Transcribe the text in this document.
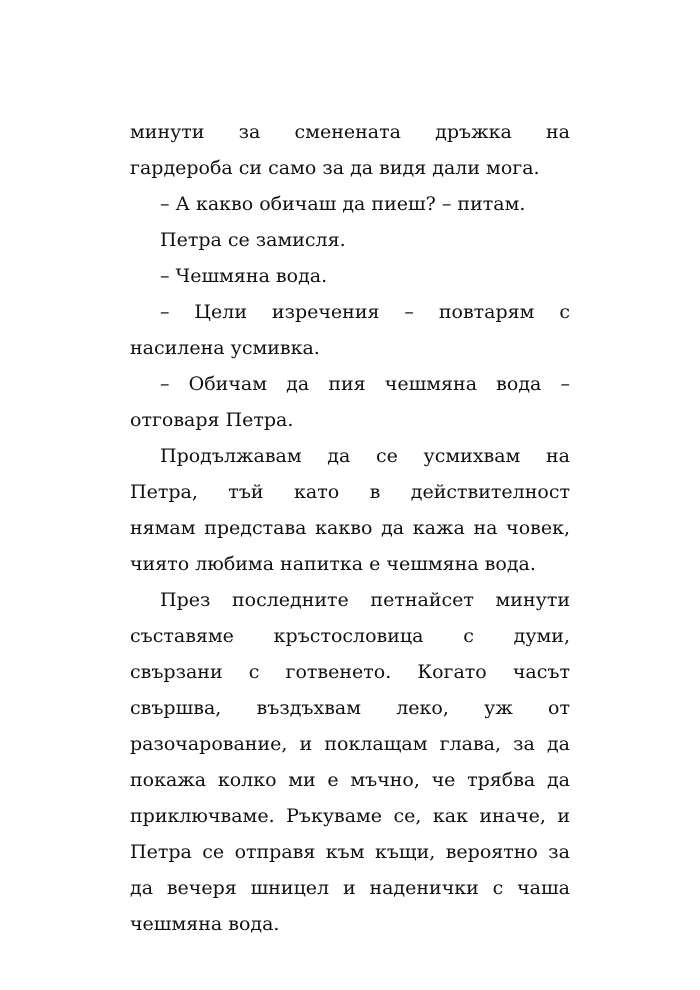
минути за сменената дръжка на
гардероба си само за да видя дали мога.
– А какво обичаш да пиеш? – питам.
Петра се замисля.
– Чешмяна вода.
– Цели изречения – повтарям с
насилена усмивка.
– Обичам да пия чешмяна вода –
отговаря Петра.
Продължавам да се усмихвам на
Петра, тъй като в действителност
нямам представа какво да кажа на човек,
чиято любима напитка е чешмяна вода.
През последните петнайсет минути
съставяме кръстословица с думи,
свързани с готвенето. Когато часът
свършва, въздъхвам леко, уж от
разочарование, и поклащам глава, за да
покажа колко ми е мъчно, че трябва да
приключваме. Ръкуваме се, как иначе, и
Петра се отправя към къщи, вероятно за
да вечеря шницел и наденички с чаша
чешмяна вода.
